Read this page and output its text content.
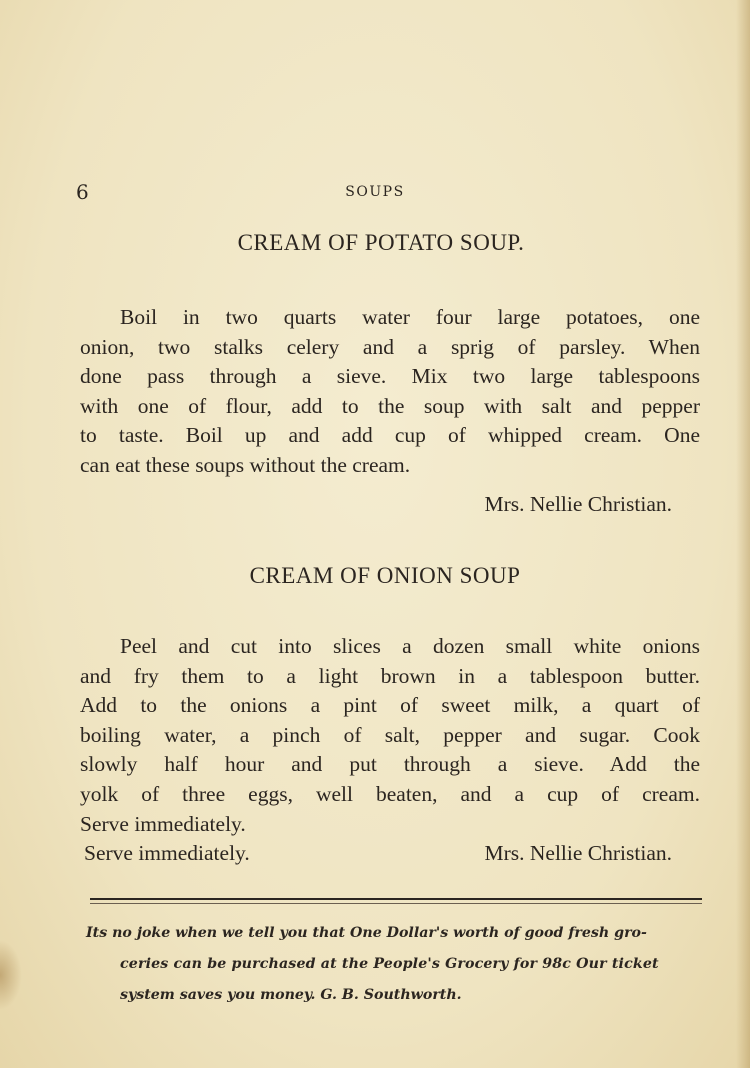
6	SOUPS
CREAM OF POTATO SOUP.

Boil in two quarts water four large potatoes, one

onion, two stalks celery and a sprig of parsley. When

done pass through a sieve. Mix two large tablespoons

with one of flour, add to the soup with salt and pepper

to taste. Boil up and add cup of whipped cream. One

can eat these soups without the cream.

Mrs. Nellie Christian.
CREAM OF ONION SOUP

Peel and cut into slices a dozen small white onions

and fry them to a light brown in a tablespoon butter.

Add to the onions a pint of sweet milk, a quart of

boiling water, a pinch of salt, pepper and sugar. Cook

slowly half hour and put through a sieve. Add the

yolk of three eggs, well beaten, and a cup of cream.

Serve immediately.

Serve immediately.	Mrs. Nellie Christian.
Its no joke when we tell you that One Dollar's worth of good fresh gro-
ceries can be purchased at the People's Grocery for 98c Our ticket
system saves you money. G. B. Southworth.
